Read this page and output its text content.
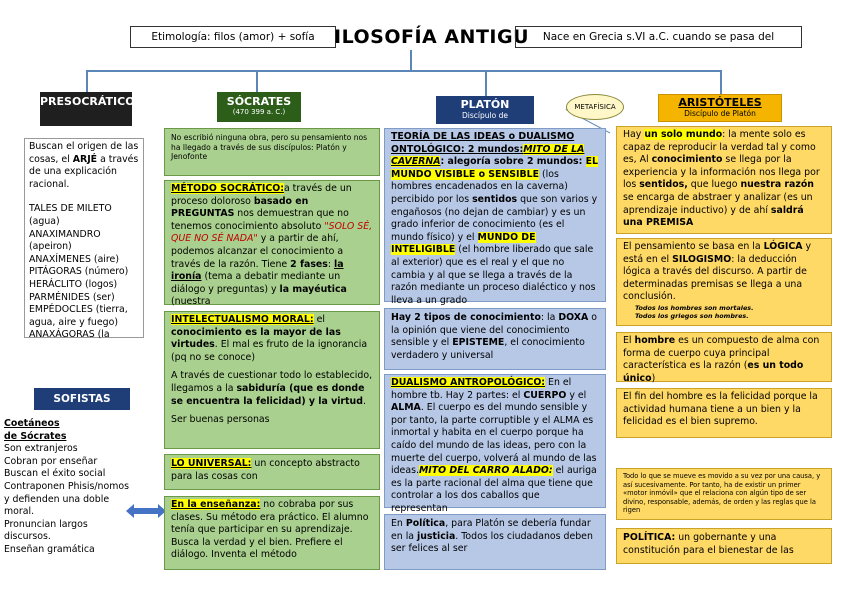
Etimología: filos (amor) + sofía	ILOSOFÍA ANTIGU	Nace en Grecia s.VI a.C. cuando se pasa del
PRESOCRÁTICOS	SÓCRATES
(470 399 a. C.)
PLATÓN
Discípulo de
METAFÍSICA	ARISTÓTELES
Discípulo de Platón

Buscan el origen de las cosas, el ARJÉ a través de una explicación racional.

TALES DE MILETO (agua)
ANAXIMANDRO (apeiron)
ANAXÍMENES (aire)
PITÁGORAS (número)
HERÁCLITO (logos)
PARMÉNIDES (ser)
EMPÉDOCLES (tierra, agua, aire y fuego)
ANAXÁGORAS (la
SOFISTAS
Coetáneos de Sócrates
Son extranjeros
Cobran por enseñar
Buscan el éxito social
Contraponen Phisis/nomos y defienden una doble moral.
Pronuncian largos discursos.
Enseñan gramática

No escribió ninguna obra, pero su pensamiento nos ha llegado a través de sus discípulos: Platón y Jenofonte

MÉTODO SOCRÁTICO:a través de un proceso doloroso basado en PREGUNTAS nos demuestran que no tenemos conocimiento absoluto "SOLO SÉ, QUE NO SÉ NADA" y a partir de ahí, podemos alcanzar el conocimiento a través de la razón. Tiene 2 fases: la ironía (tema a debatir mediante un diálogo y preguntas) y la mayéutica (nuestra

INTELECTUALISMO MORAL: el conocimiento es la mayor de las virtudes. El mal es fruto de la ignorancia (pq no se conoce)

A través de cuestionar todo lo establecido, llegamos a la sabiduría (que es donde se encuentra la felicidad) y la virtud.

Ser buenas personas

LO UNIVERSAL: un concepto abstracto para las cosas con

En la enseñanza: no cobraba por sus clases. Su método era práctico. El alumno tenía que participar en su aprendizaje. Busca la verdad y el bien. Prefiere el diálogo. Inventa el método

TEORÍA DE LAS IDEAS o DUALISMO ONTOLÓGICO: 2 mundos:MITO DE LA CAVERNA: alegoría sobre 2 mundos: EL MUNDO VISIBLE o SENSIBLE (los hombres encadenados en la caverna) percibido por los sentidos que son varios y engañosos (no dejan de cambiar) y es un grado inferior de conocimiento (es el mundo físico) y el MUNDO DE INTELIGIBLE (el hombre liberado que sale al exterior) que es el real y el que no cambia y al que se llega a través de la razón mediante un proceso dialéctico y nos lleva a un grado

Hay 2 tipos de conocimiento: la DOXA o la opinión que viene del conocimiento sensible y el EPISTEME, el conocimiento verdadero y universal

DUALISMO ANTROPOLÓGICO: En el hombre tb. Hay 2 partes: el CUERPO y el ALMA. El cuerpo es del mundo sensible y por tanto, la parte corruptible y el ALMA es inmortal y habita en el cuerpo porque ha caído del mundo de las ideas, pero con la muerte del cuerpo, volverá al mundo de las ideas.MITO DEL CARRO ALADO: el auriga es la parte racional del alma que tiene que controlar a los dos caballos que representan

En Política, para Platón se debería fundar en la justicia. Todos los ciudadanos deben ser felices al ser

Hay un solo mundo: la mente solo es capaz de reproducir la verdad tal y como es, Al conocimiento se llega por la experiencia y la información nos llega por los sentidos, que luego nuestra razón se encarga de abstraer y analizar (es un aprendizaje inductivo) y de ahí saldrá una PREMISA

El pensamiento se basa en la LÓGICA y está en el SILOGISMO: la deducción lógica a través del discurso. A partir de determinadas premisas se llega a una conclusión.

Todos los hombres son mortales.
Todos los griegos son hombres.

El hombre es un compuesto de alma con forma de cuerpo cuya principal característica es la razón (es un todo único)

El fin del hombre es la felicidad porque la actividad humana tiene a un bien y la felicidad es el bien supremo.

Todo lo que se mueve es movido a su vez por una causa, y así sucesivamente. Por tanto, ha de existir un primer «motor inmóvil» que el relaciona con algún tipo de ser divino, responsable, además, de orden y las reglas que la rigen

POLÍTICA: un gobernante y una constitución para el bienestar de las
